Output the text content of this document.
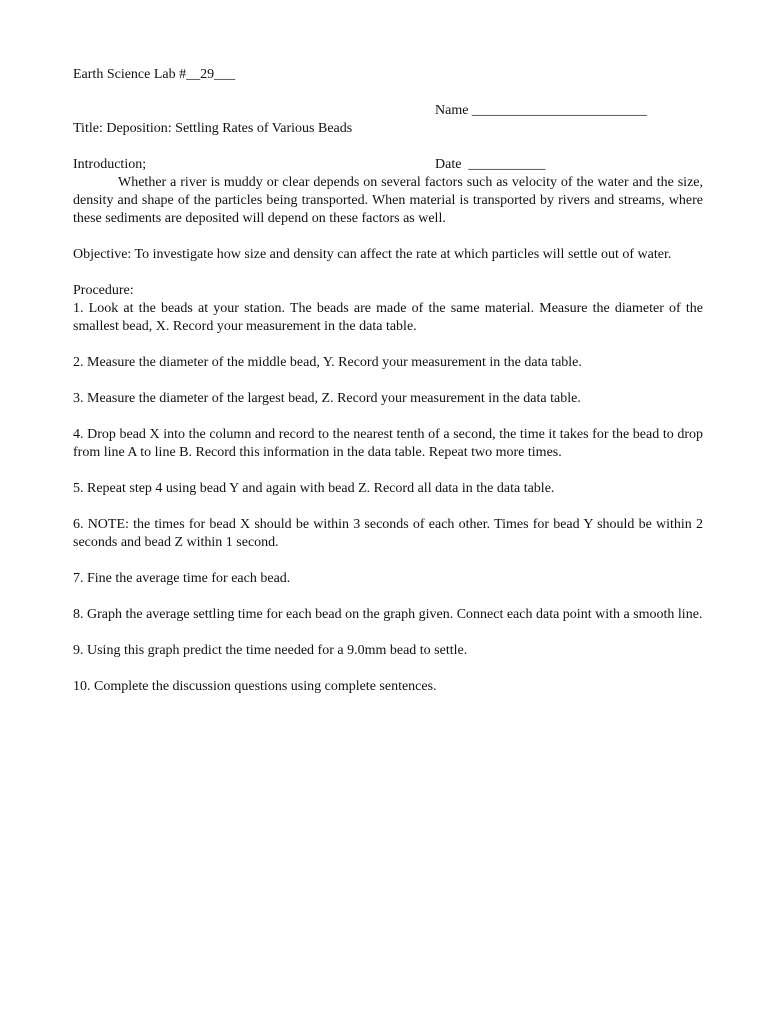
Earth Science Lab #__29___

Name _________________________

Date  ___________

Title: Deposition: Settling Rates of Various Beads
Introduction;

Whether a river is muddy or clear depends on several factors such as velocity of the water and the size, density and shape of the particles being transported. When material is transported by rivers and streams, where these sediments are deposited will depend on these factors as well.

Objective: To investigate how size and density can affect the rate at which particles will settle out of water.

Procedure:

1. Look at the beads at your station. The beads are made of the same material. Measure the diameter of the smallest bead, X. Record your measurement in the data table.

2. Measure the diameter of the middle bead, Y. Record your measurement in the data table.

3. Measure the diameter of the largest bead, Z. Record your measurement in the data table.

4. Drop bead X into the column and record to the nearest tenth of a second, the time it takes for the bead to drop from line A to line B. Record this information in the data table. Repeat two more times.

5. Repeat step 4 using bead Y and again with bead Z. Record all data in the data table.

6. NOTE: the times for bead X should be within 3 seconds of each other. Times for bead Y should be within 2 seconds and bead Z within 1 second.

7. Fine the average time for each bead.

8. Graph the average settling time for each bead on the graph given. Connect each data point with a smooth line.

9. Using this graph predict the time needed for a 9.0mm bead to settle.

10. Complete the discussion questions using complete sentences.
